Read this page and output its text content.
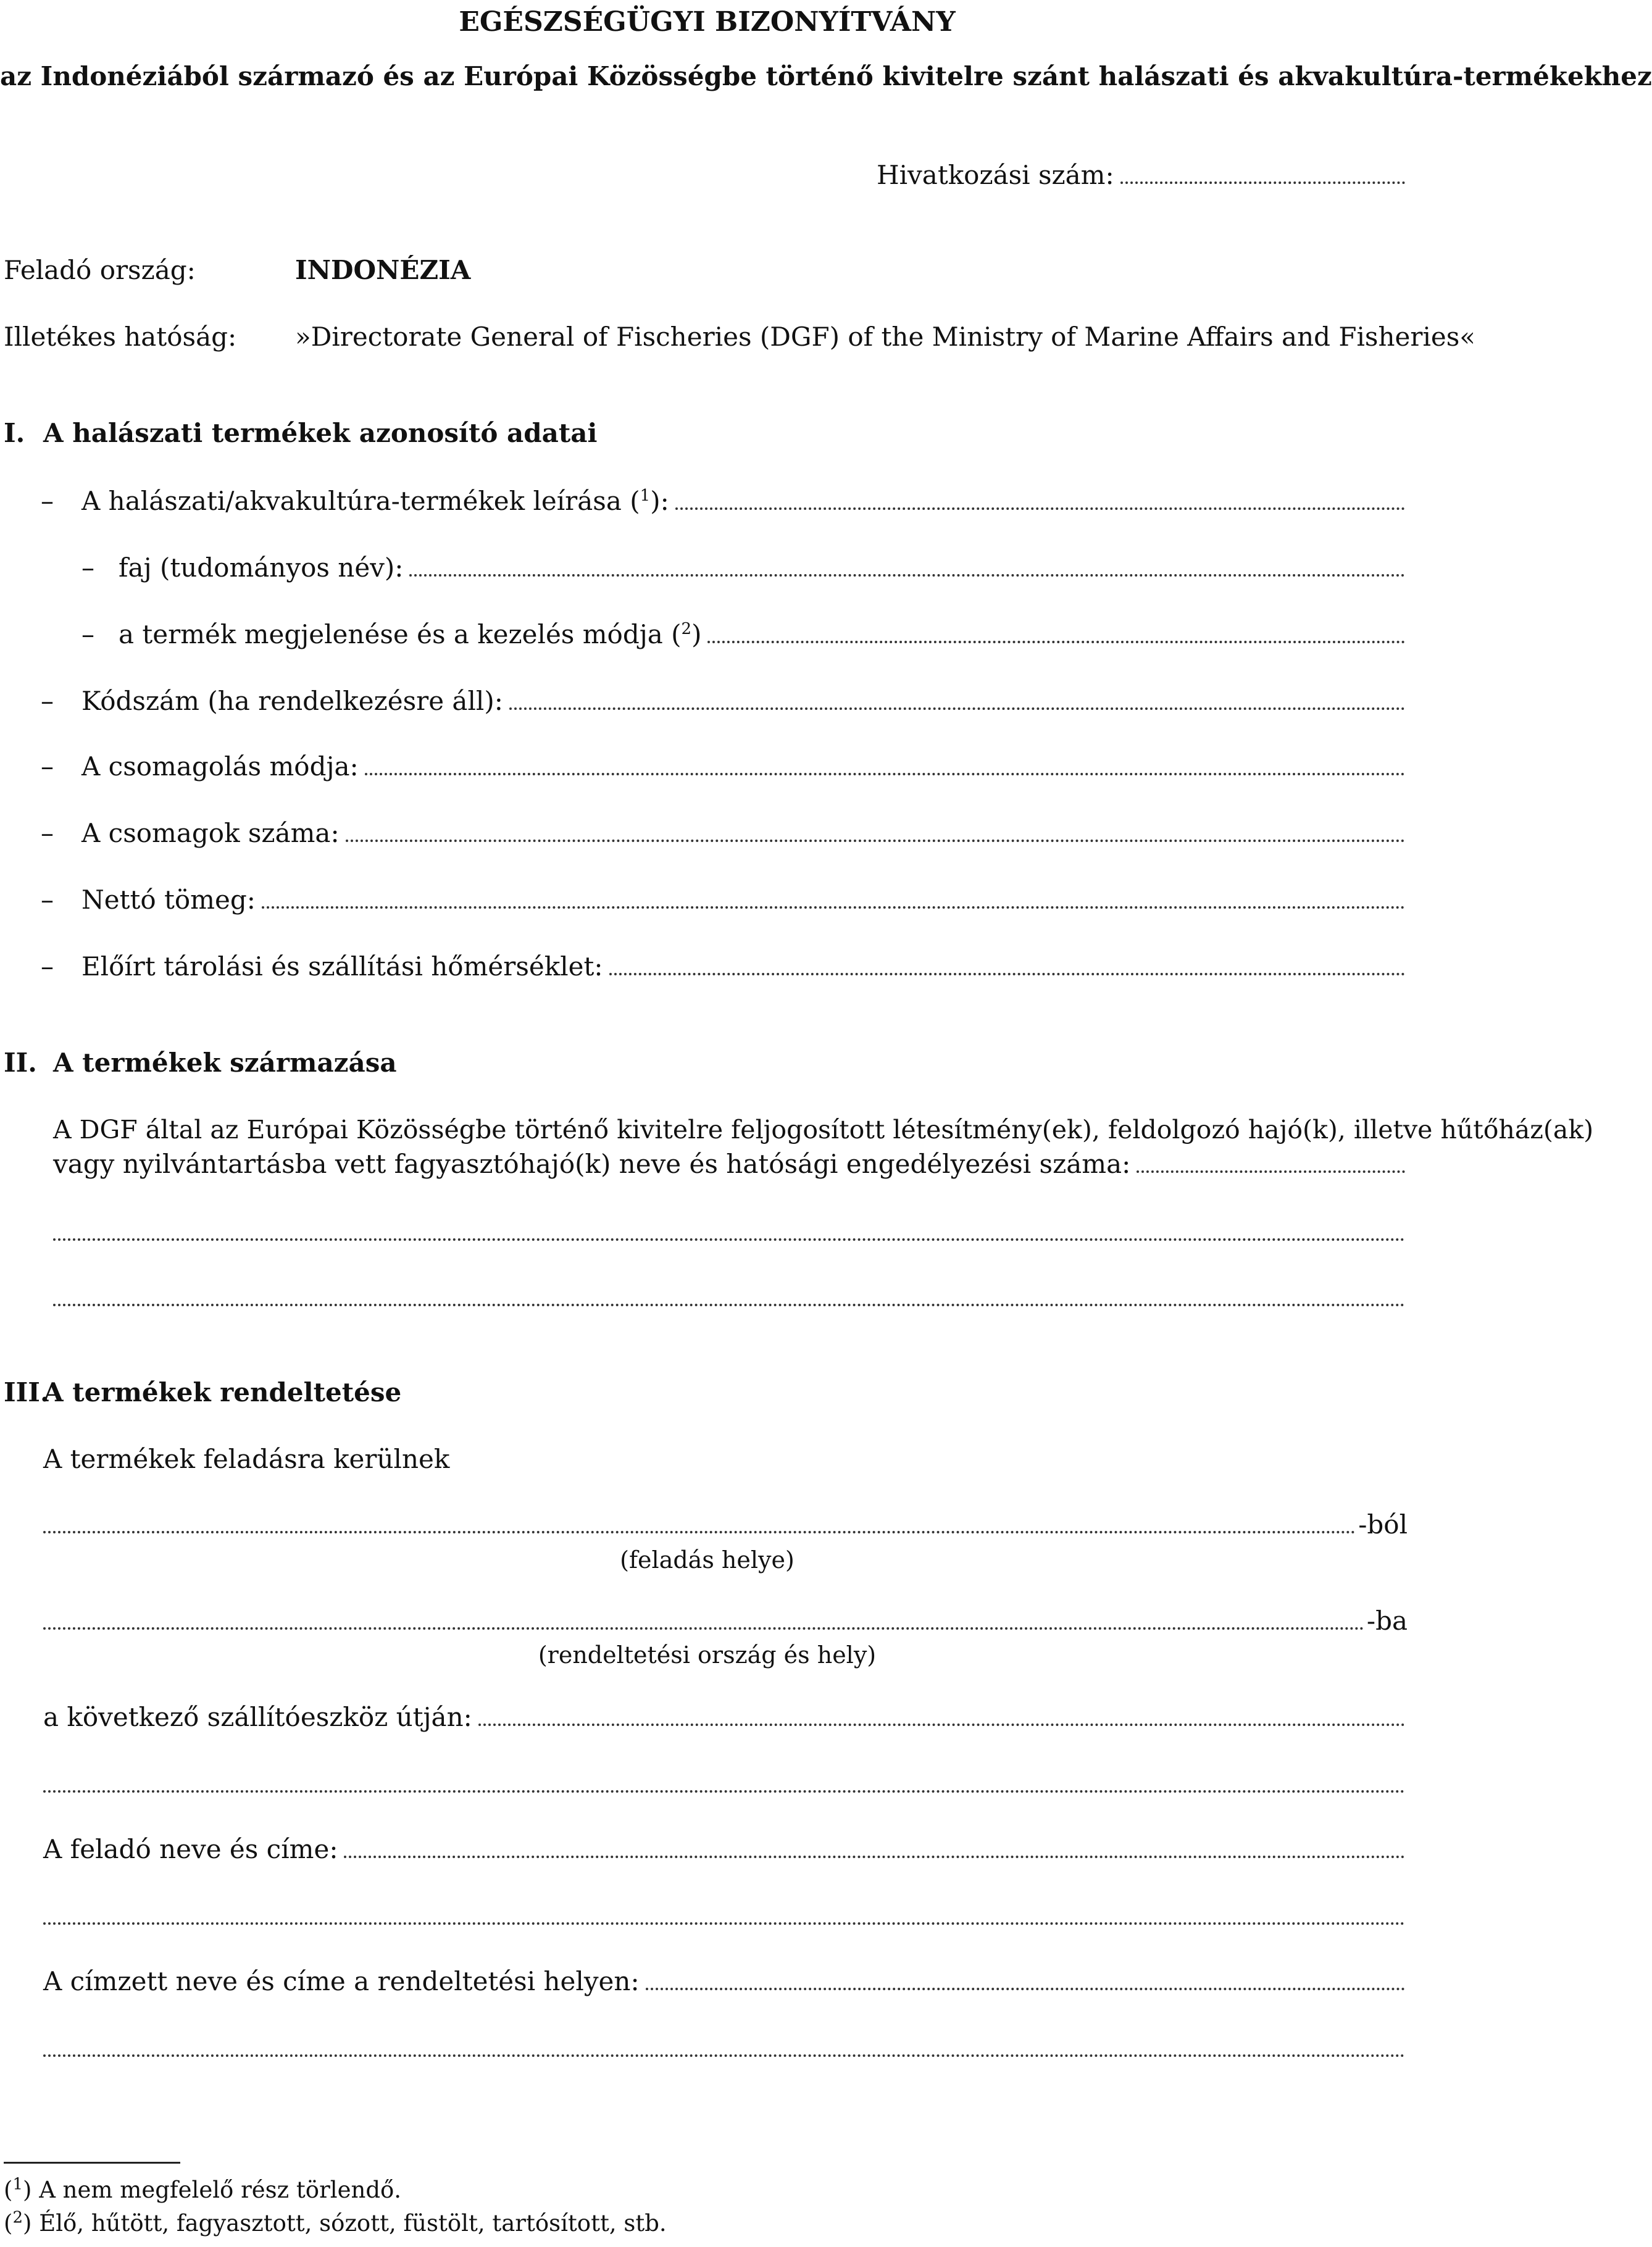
EGÉSZSÉGÜGYI BIZONYÍTVÁNY
az Indonéziából származó és az Európai Közösségbe történő kivitelre szánt halászati és akvakultúra-termékekhez
Hivatkozási szám:
Feladó ország:	INDONÉZIA
Illetékes hatóság: »Directorate General of Fischeries (DGF) of the Ministry of Marine Affairs and Fisheries«
I. A halászati termékek azonosító adatai
– A halászati/akvakultúra-termékek leírása ($^1$):
– faj (tudományos név):
– a termék megjelenése és a kezelés módja ($^2$)
– Kódszám (ha rendelkezésre áll):
– A csomagolás módja:
– A csomagok száma:
– Nettó tömeg:
– Előírt tárolási és szállítási hőmérséklet:
II. A termékek származása
A DGF által az Európai Közösségbe történő kivitelre feljogosított létesítmény(ek), feldolgozó hajó(k), illetve hűtőház(ak)
vagy nyilvántartásba vett fagyasztóhajó(k) neve és hatósági engedélyezési száma:
III.
A termékek rendeltetése
A termékek feladásra kerülnek
-ból
(feladás helye)
-ba
(rendeltetési ország és hely)
a következő szállítóeszköz útján:
A feladó neve és címe:
A címzett neve és címe a rendeltetési helyen:
($^1$) A nem megfelelő rész törlendő.
($^2$) Élő, hűtött, fagyasztott, sózott, füstölt, tartósított, stb.
